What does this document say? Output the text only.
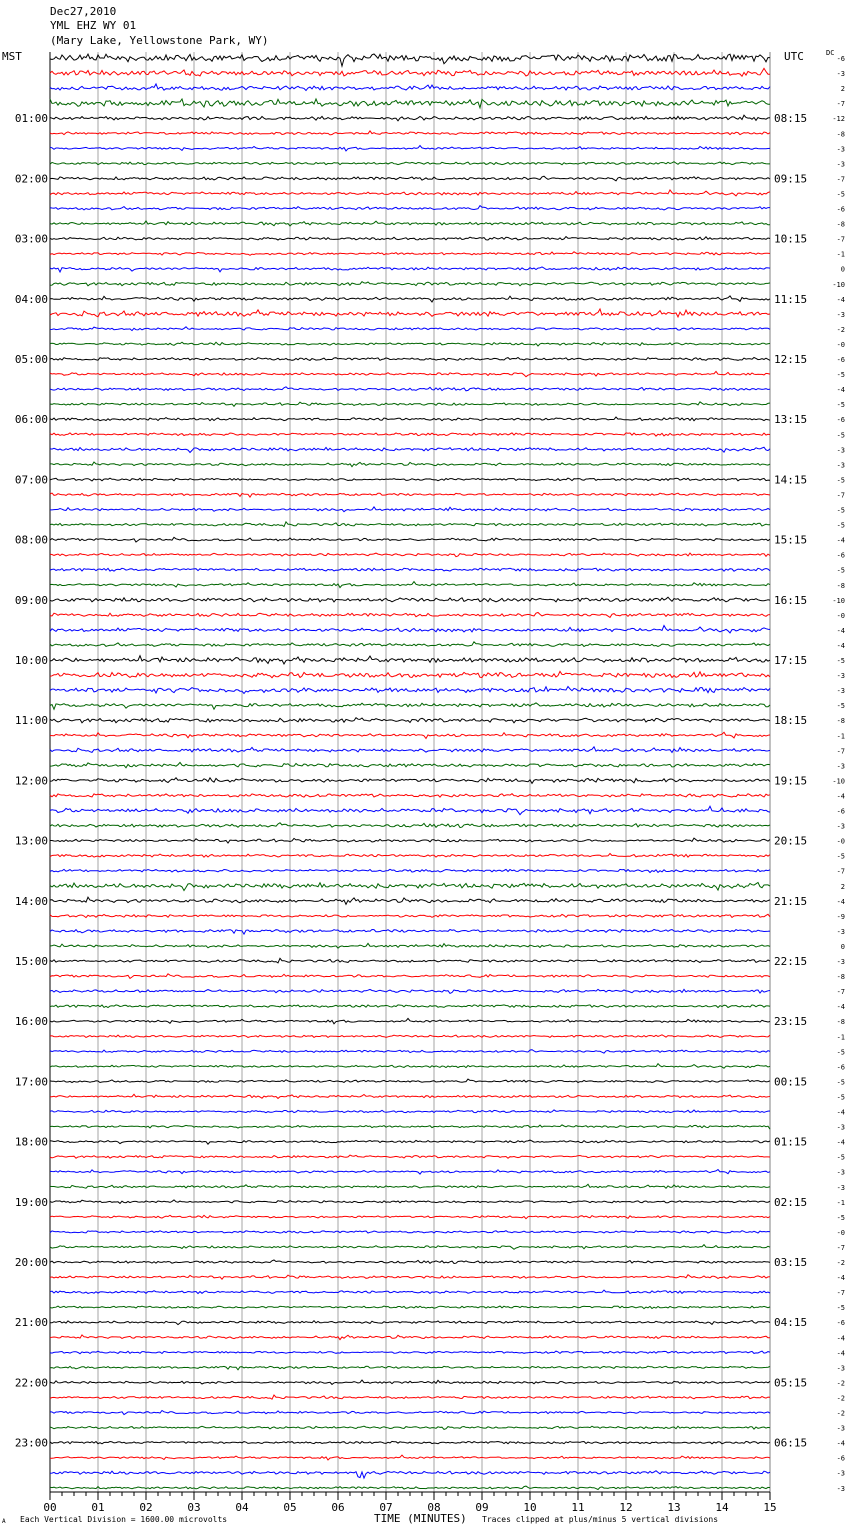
Dec27,2010
YML EHZ WY 01
(Mary Lake, Yellowstone Park, WY)
MST	UTC	DC
00	01	02	03	04	05	06	07	08	09	10	11	12	13	14	15
-6
-3
2
-7
01:00	08:15	-12
-8
-3
-3
02:00	09:15	-7
-5
-6
-8
03:00	10:15	-7
-1
0
-10
04:00	11:15	-4
-3
-2
-0
05:00	12:15	-6
-5
-4
-5
06:00	13:15	-6
-5
-3
-3
07:00	14:15	-5
-7
-5
-5
08:00	15:15	-4
-6
-5
-8
09:00	16:15	-10
-0
-4
-4
10:00	17:15	-5
-3
-3
-5
11:00	18:15	-8
-1
-7
-3
12:00	19:15	-10
-4
-6
-3
13:00	20:15	-0
-5
-7
2
14:00	21:15	-4
-9
-3
0
15:00	22:15	-3
-8
-7
-4
16:00	23:15	-8
-1
-5
-6
17:00	00:15	-5
-5
-4
-3
18:00	01:15	-4
-5
-3
-3
19:00	02:15	-1
-5
-0
-7
20:00	03:15	-2
-4
-7
-5
21:00	04:15	-6
-4
-4
-3
22:00	05:15	-2
-2
-2
-3
23:00	06:15	-4
-6
-3
-3
TIME (MINUTES)
Each Vertical Division = 1600.00 microvolts	Traces clipped at plus/minus 5 vertical divisions
A
